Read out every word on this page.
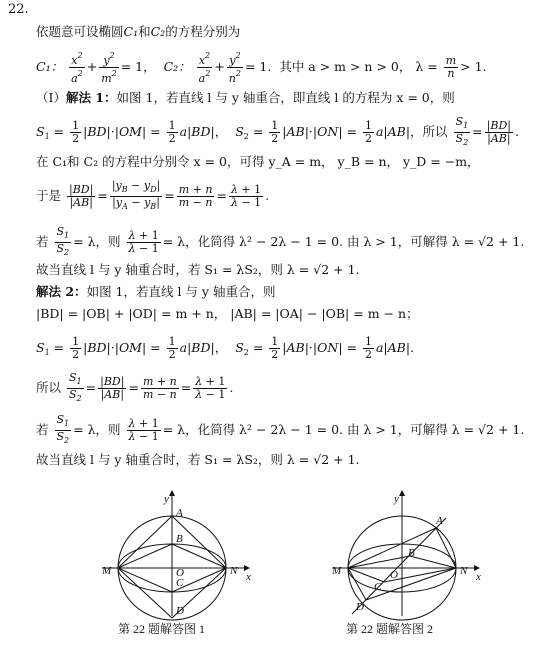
22.
依题意可设椭圆C₁和C₂的方程分别为
C₁： $\frac{x^2}{a^2} + \frac{y^2}{m^2} = 1$，  C₂： $\frac{x^2}{a^2} + \frac{y^2}{n^2} = 1$.  其中 a > m > n > 0， $\lambda = \frac{m}{n} > 1$.
（Ⅰ）解法 1：如图 1，若直线 l 与 y 轴重合，即直线 l 的方程为 x = 0，则
$S_1 = \frac{1}{2} |BD|\cdot|OM| = \frac{1}{2} a|BD|$，  $S_2 = \frac{1}{2} |AB|\cdot|ON| = \frac{1}{2} a|AB|$，所以 $\frac{S_1}{S_2} = \frac{|BD|}{|AB|}$ .
在 C₁和 C₂ 的方程中分别令 x = 0，可得 y_A = m， y_B = n， y_D = −m，
于是 $\frac{|BD|}{|AB|} = \frac{|y_B - y_D|}{|y_A - y_B|} = \frac{m + n}{m - n} = \frac{\lambda + 1}{\lambda - 1}$ .
若 $\frac{S_1}{S_2} = \lambda$，则 $\frac{\lambda + 1}{\lambda - 1} = \lambda$，化简得 λ² − 2λ − 1 = 0. 由 λ > 1，可解得 λ = √2 + 1.
故当直线 l 与 y 轴重合时，若 S₁ = λS₂，则 λ = √2 + 1.
解法 2：如图 1，若直线 l 与 y 轴重合，则
|BD| = |OB| + |OD| = m + n， |AB| = |OA| − |OB| = m − n；
$S_1 = \frac{1}{2} |BD|\cdot|OM| = \frac{1}{2} a|BD|$，  $S_2 = \frac{1}{2} |AB|\cdot|ON| = \frac{1}{2} a|AB|$.
所以 $\frac{S_1}{S_2} = \frac{|BD|}{|AB|} = \frac{m + n}{m - n} = \frac{\lambda + 1}{\lambda - 1}$ .
若 $\frac{S_1}{S_2} = \lambda$，则 $\frac{\lambda + 1}{\lambda - 1} = \lambda$，化简得 λ² − 2λ − 1 = 0. 由 λ > 1，可解得 λ = √2 + 1.
故当直线 l 与 y 轴重合时，若 S₁ = λS₂，则 λ = √2 + 1.
y
x
A
B
C
D
M	N
O
第 22 题解答图 1
y
x
A
B
C
D
M	N
O
第 22 题解答图 2
